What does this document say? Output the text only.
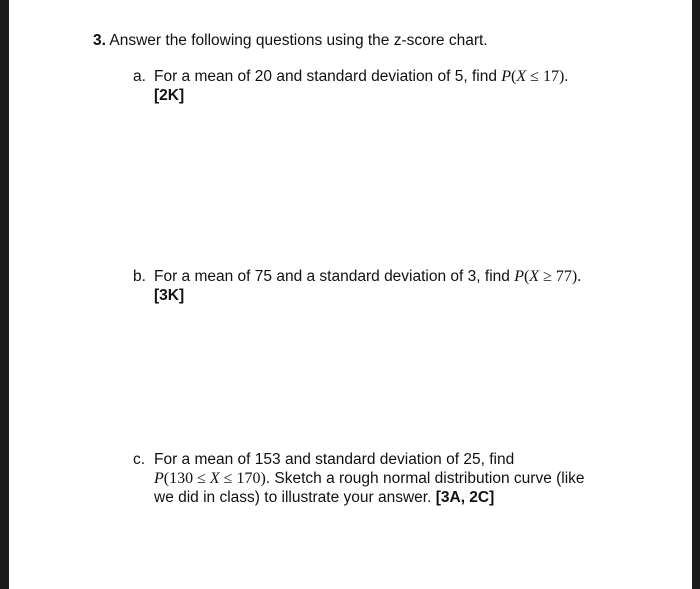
3. Answer the following questions using the z-score chart.
a. For a mean of 20 and standard deviation of 5, find P(X ≤ 17).
[2K]
b. For a mean of 75 and a standard deviation of 3, find P(X ≥ 77).
[3K]
c. For a mean of 153 and standard deviation of 25, find
P(130 ≤ X ≤ 170). Sketch a rough normal distribution curve (like
we did in class) to illustrate your answer. [3A, 2C]
